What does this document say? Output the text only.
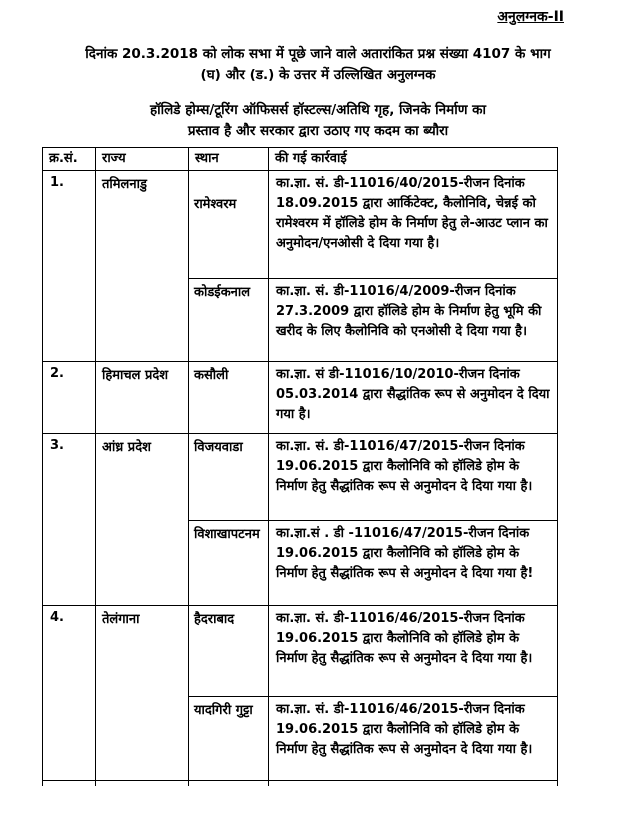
अनुलग्नक-II
दिनांक 20.3.2018 को लोक सभा में पूछे जाने वाले अतारांकित प्रश्न संख्या 4107 के भाग
(घ) और (ड.) के उत्तर में उल्लिखित अनुलग्नक
हॉलिडे होम्स/टूरिंग ऑफिसर्स हॉस्टल्स/अतिथि गृह, जिनके निर्माण का
प्रस्ताव है और सरकार द्वारा उठाए गए कदम का ब्यौरा
क्र.सं.	राज्य	स्थान	की गई कार्रवाई
1.	तमिलनाडु	रामेश्वरम	का.ज्ञा. सं. डी-11016/40/2015-रीजन दिनांक 18.09.2015 द्वारा आर्किटेक्ट, कैलोनिवि, चेन्नई को रामेश्वरम में हॉलिडे होम के निर्माण हेतु ले-आउट प्लान का अनुमोदन/एनओसी दे दिया गया है।
		कोडईकनाल	का.ज्ञा. सं. डी-11016/4/2009-रीजन दिनांक 27.3.2009 द्वारा हॉलिडे होम के निर्माण हेतु भूमि की खरीद के लिए कैलोनिवि को एनओसी दे दिया गया है।
2.	हिमाचल प्रदेश	कसौली	का.ज्ञा. सं डी-11016/10/2010-रीजन दिनांक 05.03.2014 द्वारा सैद्धांतिक रूप से अनुमोदन दे दिया गया है।
3.	आंध्र प्रदेश	विजयवाडा	का.ज्ञा. सं. डी-11016/47/2015-रीजन दिनांक 19.06.2015 द्वारा कैलोनिवि को हॉलिडे होम के निर्माण हेतु सैद्धांतिक रूप से अनुमोदन दे दिया गया है।
		विशाखापटनम	का.ज्ञा.सं . डी -11016/47/2015-रीजन दिनांक 19.06.2015 द्वारा कैलोनिवि को हॉलिडे होम के निर्माण हेतु सैद्धांतिक रूप से अनुमोदन दे दिया गया है!
4.	तेलंगाना	हैदराबाद	का.ज्ञा. सं. डी-11016/46/2015-रीजन दिनांक 19.06.2015 द्वारा कैलोनिवि को हॉलिडे होम के निर्माण हेतु सैद्धांतिक रूप से अनुमोदन दे दिया गया है।
		यादगिरी गुट्टा	का.ज्ञा. सं. डी-11016/46/2015-रीजन दिनांक 19.06.2015 द्वारा कैलोनिवि को हॉलिडे होम के निर्माण हेतु सैद्धांतिक रूप से अनुमोदन दे दिया गया है।
